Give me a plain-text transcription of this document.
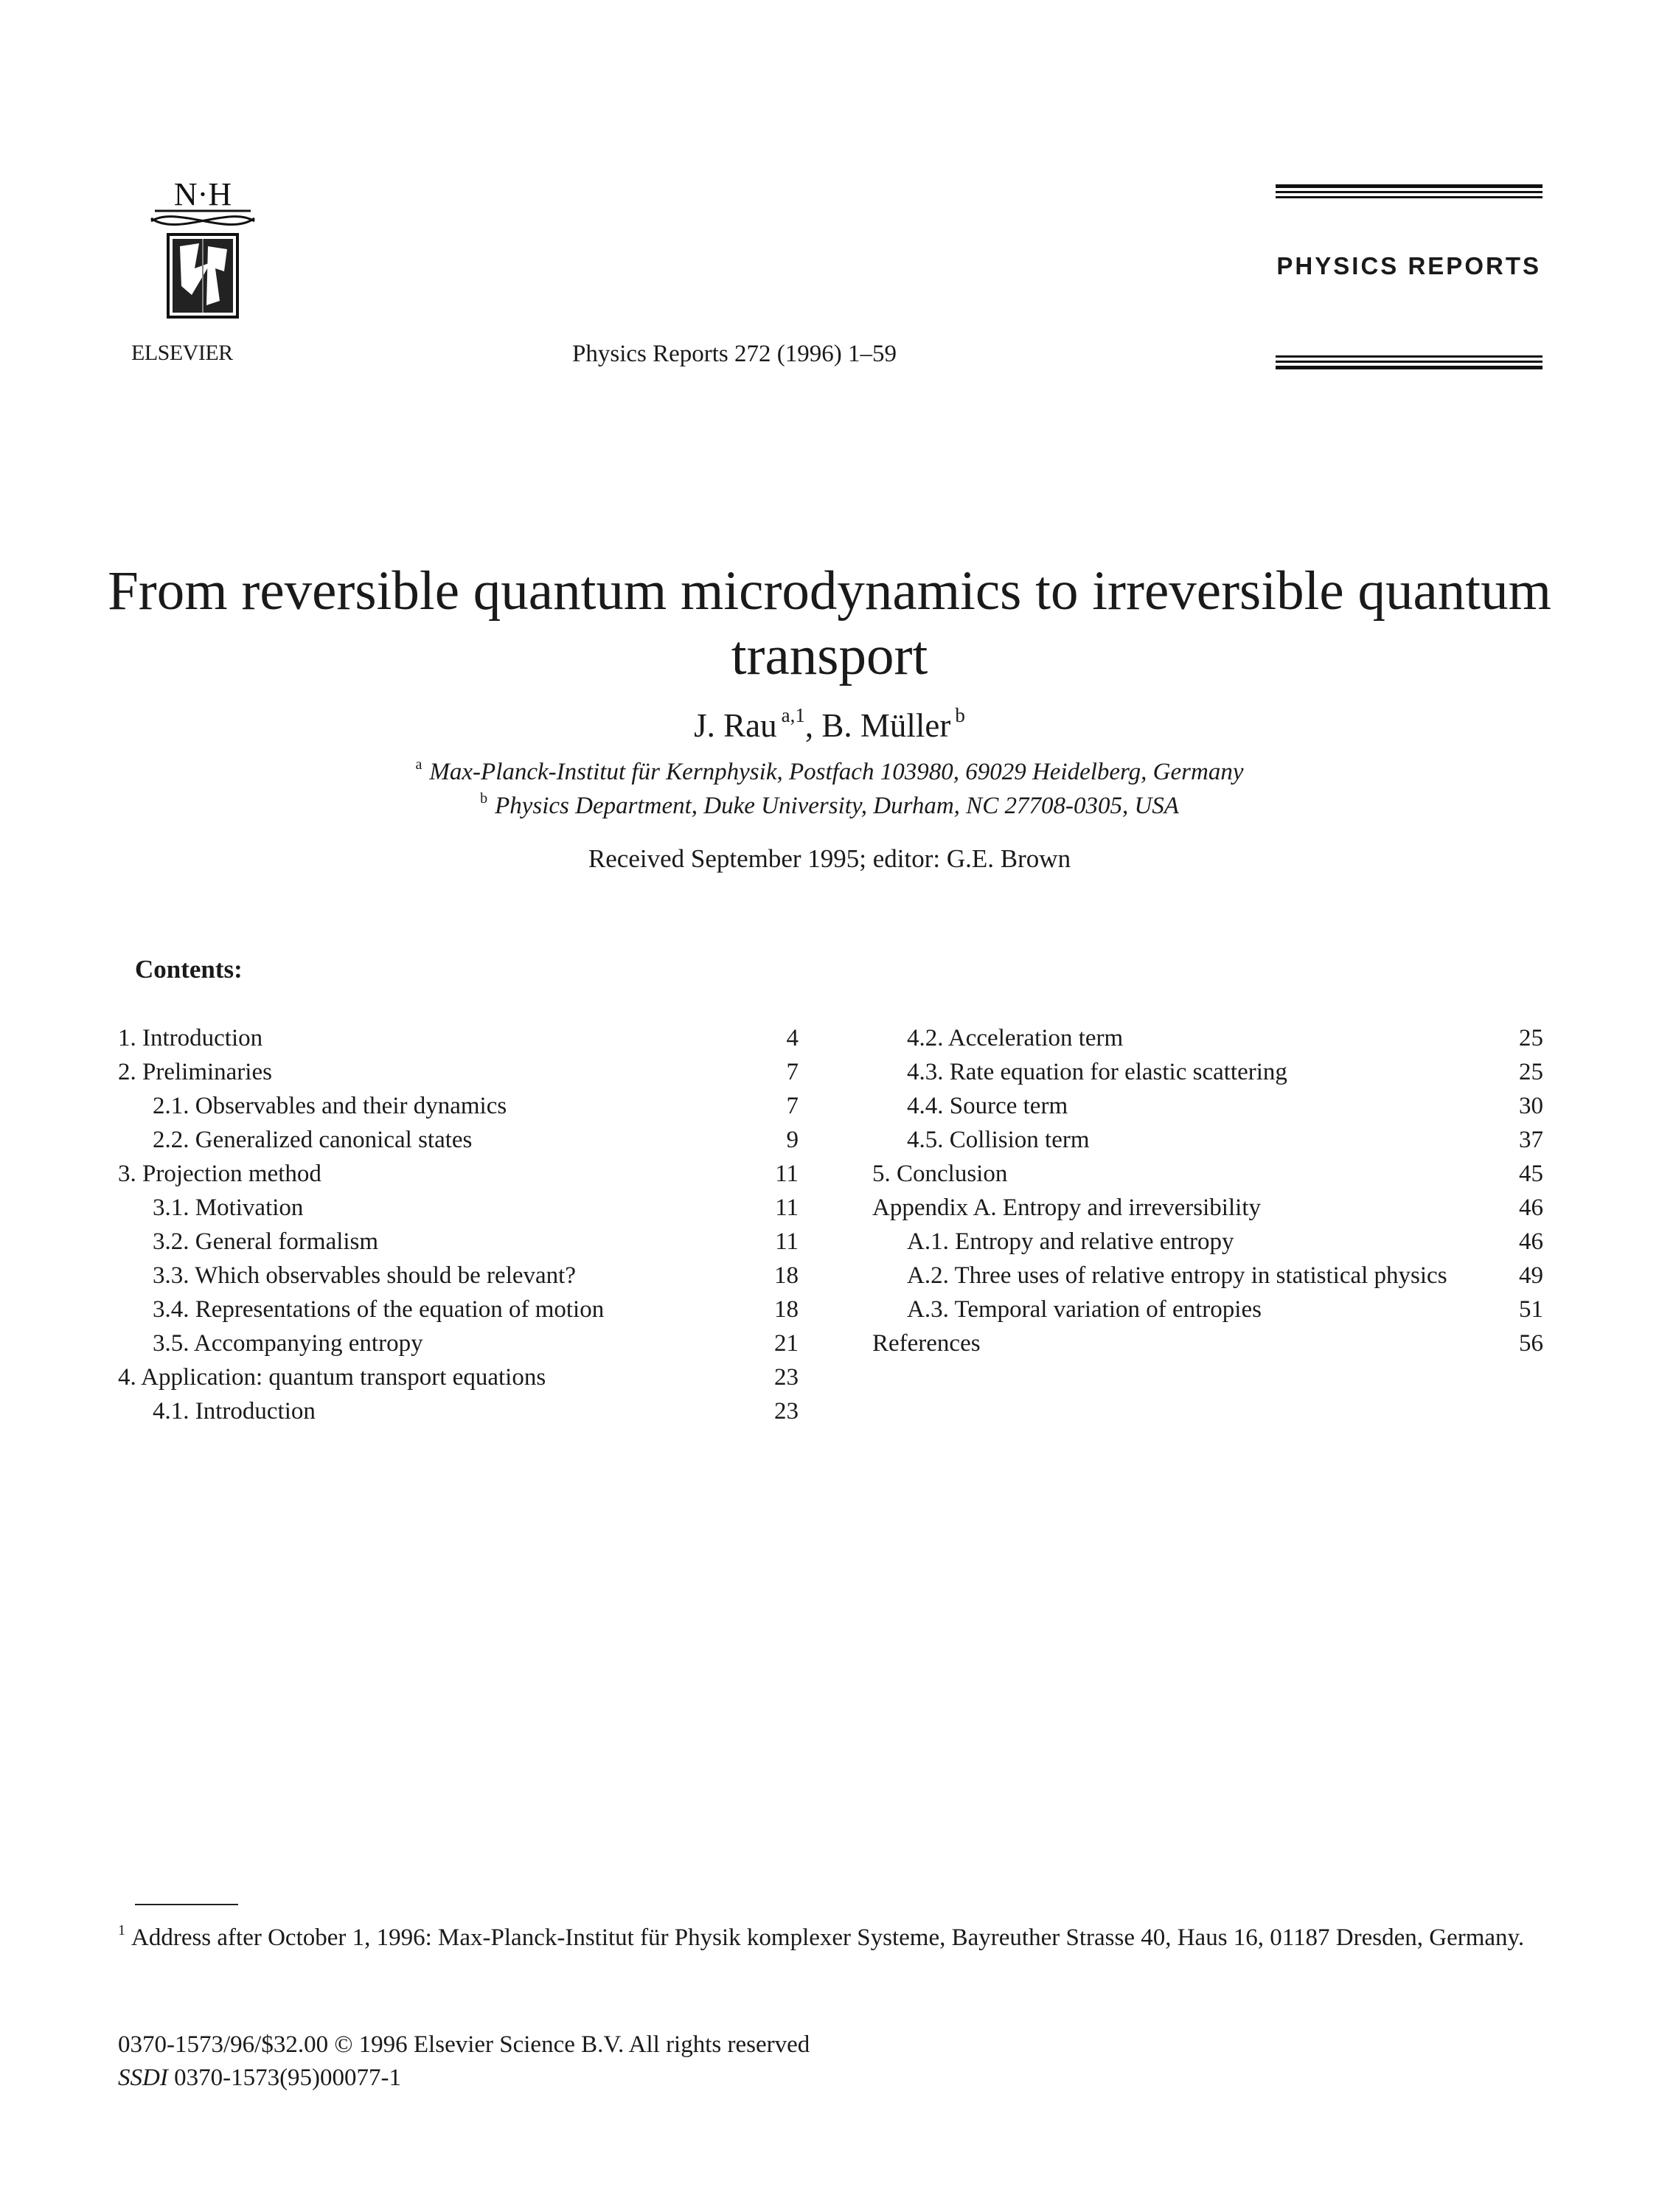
N·H
ELSEVIER	Physics Reports 272 (1996) 1–59
PHYSICS REPORTS
From reversible quantum microdynamics to irreversible quantum transport
J. Rau $^{a,1}$, B. Müller $^b$
$^a$ Max-Planck-Institut für Kernphysik, Postfach 103980, 69029 Heidelberg, Germany
$^b$ Physics Department, Duke University, Durham, NC 27708-0305, USA
Received September 1995; editor: G.E. Brown
Contents:
1. Introduction	4
2. Preliminaries	7
2.1. Observables and their dynamics	7
2.2. Generalized canonical states	9
3. Projection method	11
3.1. Motivation	11
3.2. General formalism	11
3.3. Which observables should be relevant?	18
3.4. Representations of the equation of motion	18
3.5. Accompanying entropy	21
4. Application: quantum transport equations	23
4.1. Introduction	23
4.2. Acceleration term	25
4.3. Rate equation for elastic scattering	25
4.4. Source term	30
4.5. Collision term	37
5. Conclusion	45
Appendix A. Entropy and irreversibility	46
A.1. Entropy and relative entropy	46
A.2. Three uses of relative entropy in statistical physics	49
A.3. Temporal variation of entropies	51
References	56
$^1$ Address after October 1, 1996: Max-Planck-Institut für Physik komplexer Systeme, Bayreuther Strasse 40, Haus 16, 01187 Dresden, Germany.
0370-1573/96/$32.00 © 1996 Elsevier Science B.V. All rights reserved
SSDI 0370-1573(95)00077-1
